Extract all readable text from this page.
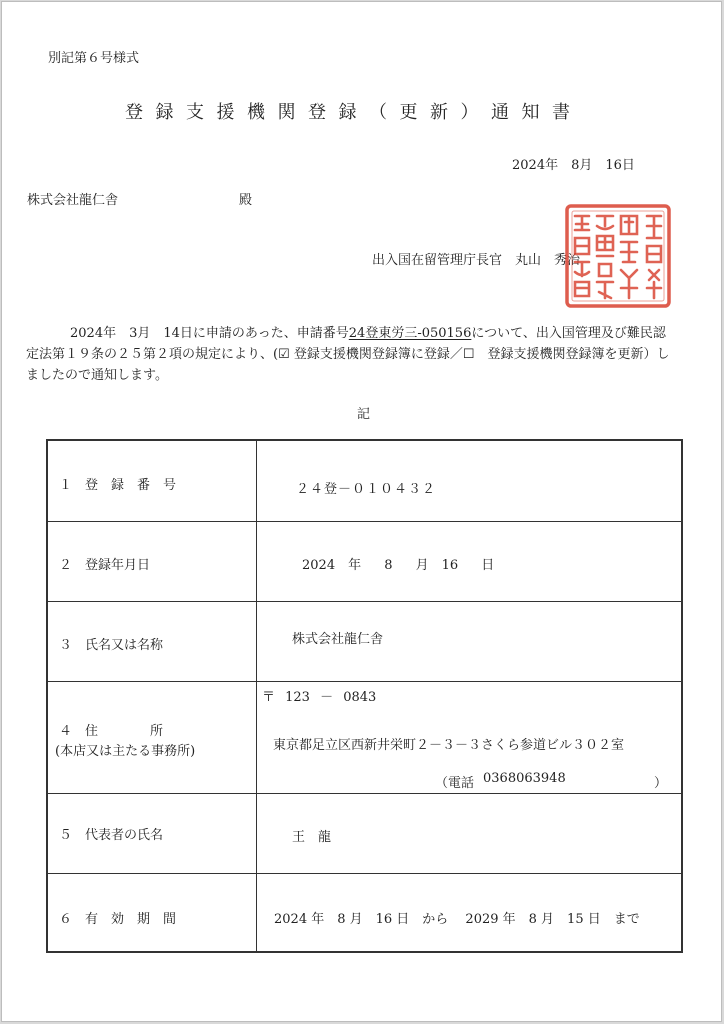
別記第６号様式
登録支援機関登録（更新）通知書
2024年　8月　16日
株式会社龍仁舎	殿
出入国在留管理庁長官　丸山　秀治
2024年　3月　14日に申請のあった、申請番号24登東労三-050156について、出入国管理及び難民認定法第１９条の２５第２項の規定により、(☑ 登録支援機関登録簿に登録／☐　登録支援機関登録簿を更新）しましたので通知します。
記
１　登　録　番　号	２４登－０１０４３２
２　登録年月日	2024　年　 8　 月　16　 日
３　氏名又は名称	株式会社龍仁舎
４　住　　　　所
(本店又は主たる事務所)
〒 123 － 0843
東京都足立区西新井栄町２－３－３さくら参道ビル３０２室
（電話 0368063948	）
５　代表者の氏名	王　龍
６　有　効　期　間	2024 年　8 月　16 日　から　 2029 年　8 月　15 日　まで
